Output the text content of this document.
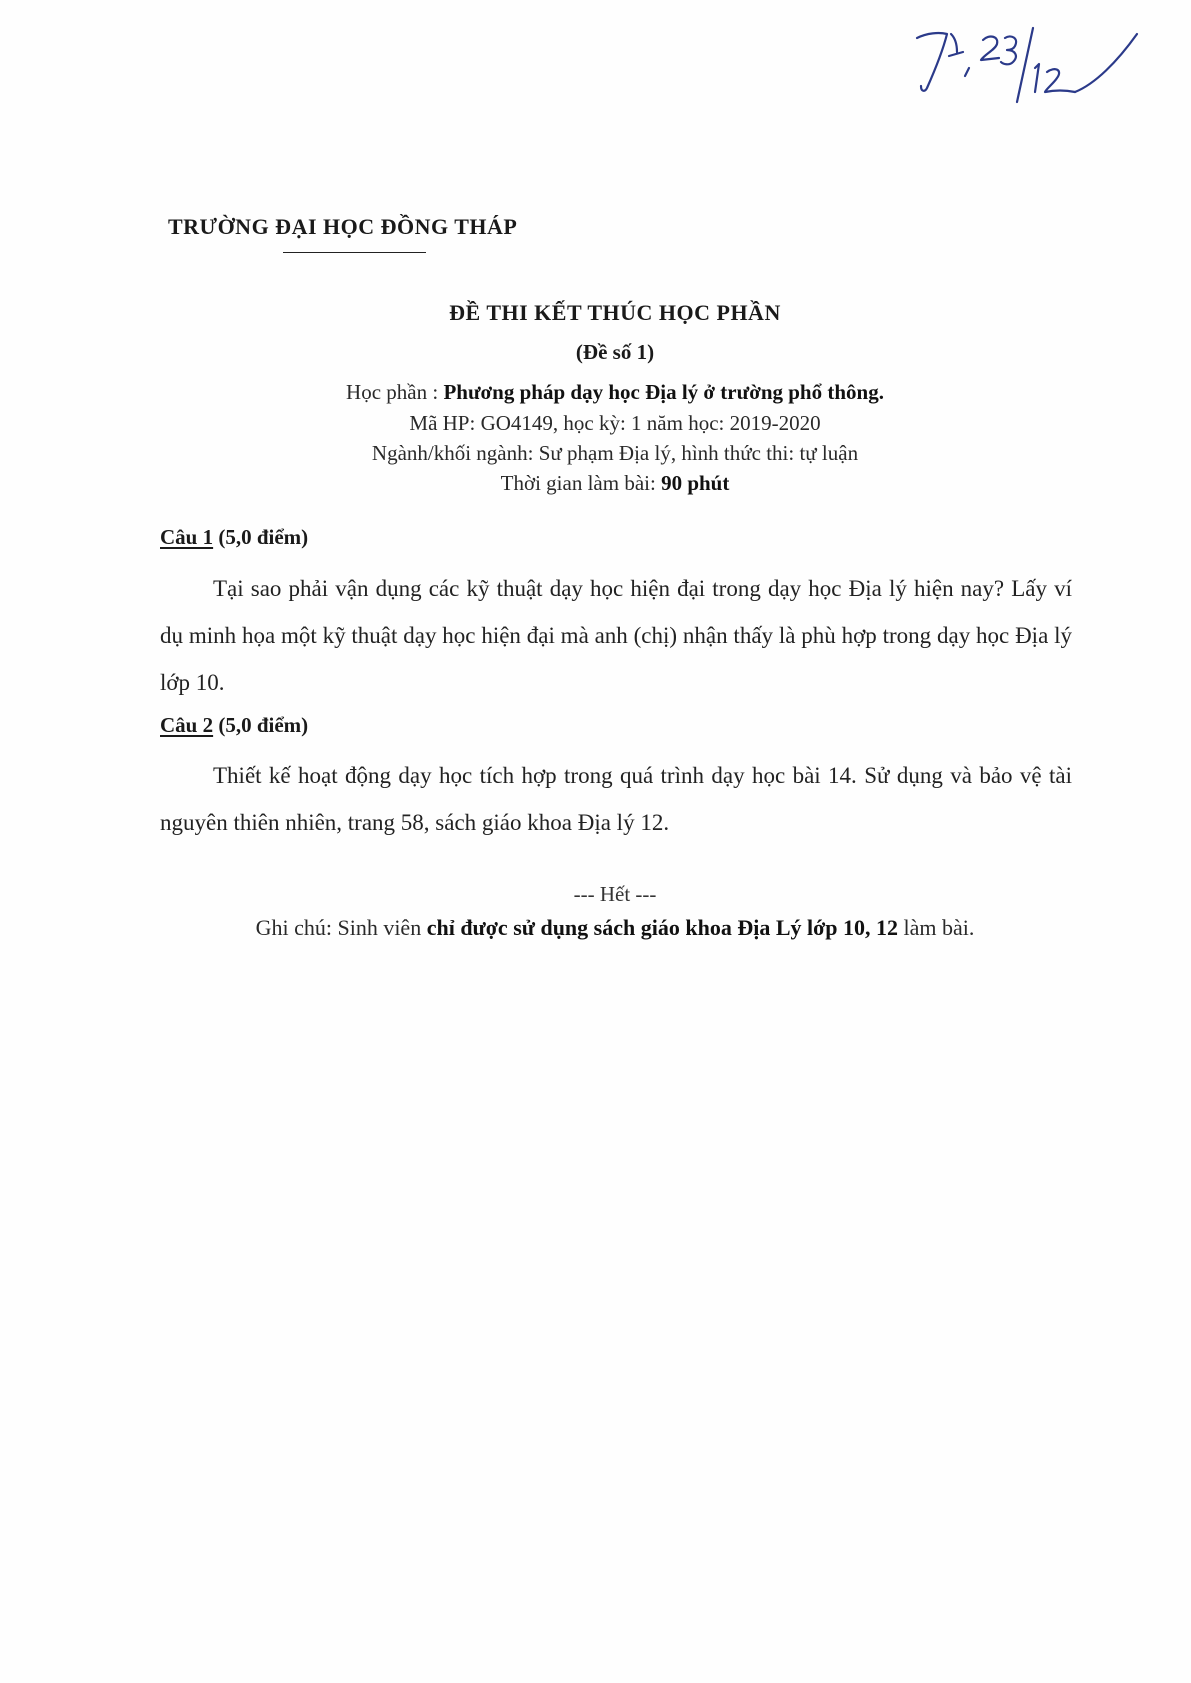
TRƯỜNG ĐẠI HỌC ĐỒNG THÁP
ĐỀ THI KẾT THÚC HỌC PHẦN
(Đề số 1)
Học phần : Phương pháp dạy học Địa lý ở trường phổ thông.
Mã HP: GO4149, học kỳ: 1 năm học: 2019-2020
Ngành/khối ngành: Sư phạm Địa lý, hình thức thi: tự luận
Thời gian làm bài: 90 phút
Câu 1 (5,0 điểm)
Tại sao phải vận dụng các kỹ thuật dạy học hiện đại trong dạy học Địa lý hiện nay? Lấy ví dụ minh họa một kỹ thuật dạy học hiện đại mà anh (chị) nhận thấy là phù hợp trong dạy học Địa lý lớp 10.
Câu 2 (5,0 điểm)
Thiết kế hoạt động dạy học tích hợp trong quá trình dạy học bài 14. Sử dụng và bảo vệ tài nguyên thiên nhiên, trang 58, sách giáo khoa Địa lý 12.
--- Hết ---
Ghi chú: Sinh viên chỉ được sử dụng sách giáo khoa Địa Lý lớp 10, 12 làm bài.
